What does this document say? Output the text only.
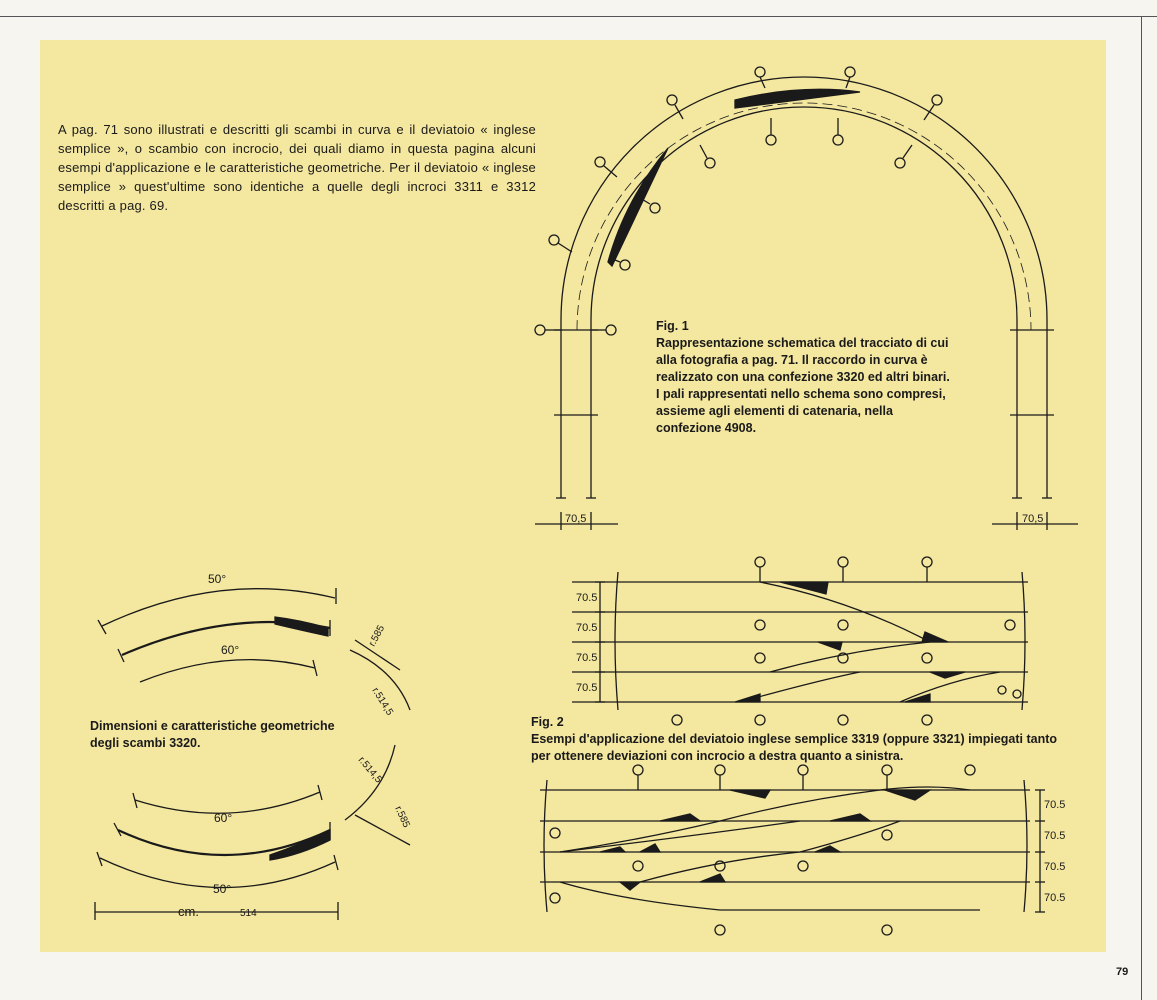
A pag. 71 sono illustrati e descritti gli scambi in curva e il deviatoio « inglese semplice », o scambio con incrocio, dei quali diamo in questa pagina alcuni esempi d'applicazione e le caratteristiche geometriche. Per il deviatoio « inglese semplice » quest'ultime sono identiche a quelle degli incroci 3311 e 3312 descritti a pag. 69.
Fig. 1
Rappresentazione schematica del tracciato di cui alla fotografia a pag. 71. Il raccordo in curva è realizzato con una confezione 3320 ed altri binari. I pali rappresentati nello schema sono compresi, assieme agli elementi di catenaria, nella confezione 4908.
Fig. 2
Esempi d'applicazione del deviatoio inglese semplice 3319 (oppure 3321) impiegati tanto per ottenere deviazioni con incrocio a destra quanto a sinistra.
Dimensioni e caratteristiche geometriche degli scambi 3320.
79
70,5	70,5
70.5
70.5
70.5
70.5
70.5
70.5
70.5
70.5
50°
60°
60°
50°
cm.	514
r.585
r.514,5
r.514,5
r.585
